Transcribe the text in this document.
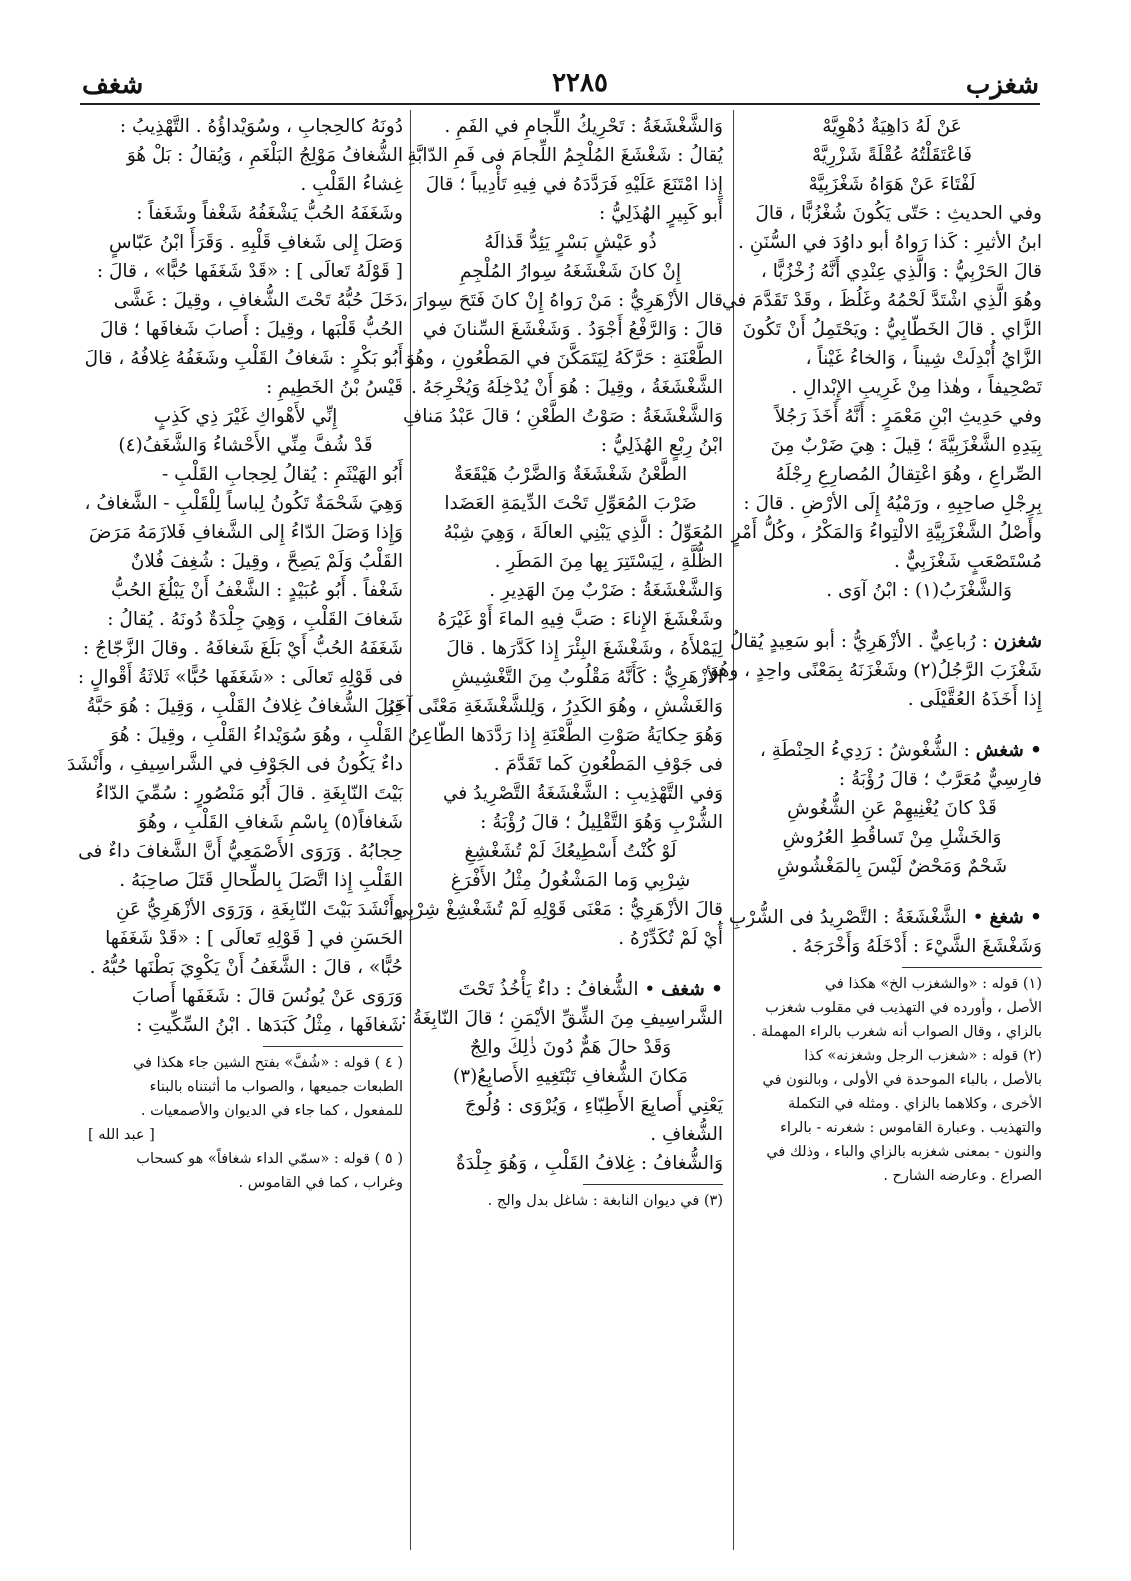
شغزب
٢٢٨٥
شغف
عَنْ لَهُ دَاهِيَةٌ دُهْوِيَّهْ
فَاعْتَقَلْتُهُ عُقْلَةً شَزْرِيَّهْ
لَفْتَاءَ عَنْ هَوَاهُ شَغْزَبِيَّهْ
وفي الحديثِ : حَتّى يَكُونَ شُغْزُبًّا ، قالَ
ابنُ الأثيرِ : كَذا رَواهُ أبو داوُدَ في السُّنَنِ .
قالَ الحَرْبِيُّ : وَالَّذِي عِنْدِي أَنَّهُ زُخْزُبًّا ،
وهُوَ الَّذِي اشْتَدَّ لَحْمُهُ وغَلُظَ ، وقَدْ تَقَدَّمَ في
الزَّاي . قالَ الخَطّابِيُّ : ويَحْتَمِلُ أَنْ تَكُونَ
الزَّايُ أُبْدِلَتْ شِيناً ، وَالخاءُ غَيْناً ،
تَصْحِيفاً ، وهٰذا مِنْ غَرِيبِ الإِبْدالِ .
وفي حَدِيثِ ابْنِ مَعْمَرٍ : أَنَّهُ أَخَذَ رَجُلاً
بِيَدِهِ الشَّغْزَبِيَّةَ ؛ قِيلَ : هِيَ ضَرْبٌ مِنَ
الصِّراعِ ، وهُوَ اعْتِقالُ المُصارِعِ رِجْلَهُ
بِرِجْلِ صاحِبِهِ ، ورَمْيُهُ إِلَى الأرْضِ . قالَ :
وأَصْلُ الشَّغْزَبِيَّةِ الالْتِواءُ وَالمَكْرُ ، وكُلُّ أَمْرٍ
مُسْتَصْعَبٍ شَغْزَبِيٌّ .
وَالشَّغْزَبُ(١) : ابْنُ آوَى .
شغزن : رُباعِيٌّ . الأزْهَرِيُّ : أبو سَعِيدٍ يُقالُ
شَغْزَبَ الرَّجُلُ(٢) وشَغْزَنَهُ بِمَعْنًى واحِدٍ ، وهُوَ
إِذا أَخَذَهُ العُقَّيْلَى .
• شغش : الشُّغْوشُ : رَدِيءُ الحِنْطَةِ ،
فارِسِيٌّ مُعَرَّبٌ ؛ قالَ رُؤْبَةُ :
قَدْ كانَ يُغْنِيهِمْ عَنِ الشُّغُوشِ
وَالخَشْلِ مِنْ تَساقُطِ العُرُوشِ
شَحْمٌ وَمَحْضٌ لَيْسَ بِالمَغْشُوشِ
• شغغ • الشَّغْشَغَةُ : التَّصْرِيدُ فى الشُّرْبِ .
وَشَغْشَغَ الشَّيْءَ : أَدْخَلَهُ وَأَخْرَجَهُ .
(١) قوله : «والشغزب الخ» هكذا في
الأصل ، وأورده في التهذيب في مقلوب شغزب
بالزاي ، وقال الصواب أنه شغرب بالراء المهملة .
(٢) قوله : «شغزب الرجل وشغزنه» كذا
بالأصل ، بالباء الموحدة في الأولى ، وبالنون في
الأخرى ، وكلاهما بالزاي . ومثله في التكملة
والتهذيب . وعبارة القاموس : شغرنه - بالراء
والنون - بمعنى شغزبه بالزاي والباء ، وذلك في
الصراع . وعارضه الشارح .
وَالشَّغْشَغَةُ : تَحْرِيكُ اللِّجامِ في الفَمِ .
يُقالُ : شَغْشَغَ المُلْجِمُ اللِّجامَ فى فَمِ الدّابَّةِ
إِذا امْتَنَعَ عَلَيْهِ فَرَدَّدَهُ في فِيهِ تَأْدِيباً ؛ قالَ
أَبو كَبِيرٍ الهُذَلِيُّ :
ذُو عَيْشٍ بَسْرٍ يَئِدُّ قَذالَهُ
إِنْ كانَ شَغْشَغَهُ سِوارُ المُلْجِمِ
قال الأزْهَرِيُّ : مَنْ رَواهُ إِنْ كانَ فَتَحَ سِوارَ ،
قالَ : وَالرَّفْعُ أَجْوَدُ . وَشَغْشَغَ السِّنانَ في
الطَّعْنَةِ : حَرَّكَهُ لِيَتَمَكَّنَ في المَطْعُونِ ، وهُوَ
الشَّغْشَغَةُ ، وقِيلَ : هُوَ أَنْ يُدْخِلَهُ وَيُخْرِجَهُ .
وَالشَّغْشَغَةُ : صَوْتُ الطَّعْنِ ؛ قالَ عَبْدُ مَنافِ
ابْنُ رِبْعٍ الهُذَلِيُّ :
الطَّعْنُ شَغْشَغَةٌ وَالضَّرْبُ هَيْقَعَةٌ
ضَرْبَ المُعَوِّلِ تَحْتَ الدِّيمَةِ العَضَدا
المُعَوِّلُ : الَّذِي يَبْنِي العالَةَ ، وَهِيَ شِبْهُ
الظُّلَّةِ ، لِيَسْتَتِرَ بِها مِنَ المَطَرِ .
وَالشَّغْشَغَةُ : ضَرْبٌ مِنَ الهَدِيرِ .
وشَغْشَغَ الإِناءَ : صَبَّ فِيهِ الماءَ أَوْ غَيْرَهُ
لِيَمْلأَهُ ، وشَغْشَغَ البِئْرَ إِذا كَدَّرَها . قالَ
الأزْهَرِيُّ : كَأَنَّهُ مَقْلُوبٌ مِنَ التَّغْشِيشِ
وَالغَشْشِ ، وهُوَ الكَدِرُ ، وَلِلشَّغْشَغَةِ مَعْنًى آخَرُ
وَهُوَ حِكايَةُ صَوْتِ الطَّعْنَةِ إِذا رَدَّدَها الطّاعِنُ
فى جَوْفِ المَطْعُونِ كَما تَقَدَّمَ .
وَفي التَّهْذِيبِ : الشَّغْشَغَةُ التَّصْرِيدُ في
الشُّرْبِ وَهُوَ التَّقْلِيلُ ؛ قالَ رُؤْبَةُ :
لَوْ كُنْتُ أَسْطِيعُكَ لَمْ تُشَغْشِغِ
شِرْبِي وَما المَشْغُولُ مِثْلُ الأَفْرَغِ
قالَ الأزْهَرِيُّ : مَعْنَى قَوْلِهِ لَمْ تُشَغْشِغْ شِرْبِي
أَيْ لَمْ تُكَدِّرْهُ .
• شغف • الشُّغافُ : داءٌ يَأْخُذُ تَحْتَ
الشَّراسِيفِ مِنَ الشِّقِّ الأيْمَنِ ؛ قالَ النّابِغَةُ :
وَقَدْ حالَ هَمٌّ دُونَ ذٰلِكَ والِجٌ
مَكانَ الشُّغافِ تَبْتَغِيهِ الأَصابِعُ(٣)
يَعْنِي أَصابِعَ الأَطِبّاءِ ، وَيُرْوَى : وُلُوجَ
الشُّغافِ .
وَالشُّغافُ : غِلافُ القَلْبِ ، وَهُوَ جِلْدَةٌ
(٣) في ديوان النابغة : شاغل بدل والج .
دُونَهُ كالحِجابِ ، وسُوَيْداؤُهُ . التَّهْذِيبُ :
الشُّغافُ مَوْلِجُ البَلْغَمِ ، وَيُقالُ : بَلْ هُوَ
غِشاءُ القَلْبِ .
وشَغَفَهُ الحُبُّ يَشْغَفُهُ شَغْفاً وشَغَفاً :
وَصَلَ إِلى شَغافِ قَلْبِهِ . وَقَرَأَ ابْنُ عَبّاسٍ
[ قَوْلَهُ تَعالَى ] : «قَدْ شَغَفَها حُبًّا» ، قالَ :
دَخَلَ حُبُّهُ تَحْتَ الشُّغافِ ، وقِيلَ : غَشَّى
الحُبُّ قَلْبَها ، وقِيلَ : أَصابَ شَغافَها ؛ قالَ
أَبُو بَكْرٍ : شَغافُ القَلْبِ وشَغَفُهُ غِلافُهُ ، قالَ
قَيْسُ بْنُ الخَطِيمِ :
إِنِّي لأَهْواكِ غَيْرَ ذِي كَذِبٍ
قَدْ شُفَّ مِنِّي الأَحْشاءُ وَالشَّغَفُ(٤)
أَبُو الهَيْثَمِ : يُقالُ لِحِجابِ القَلْبِ -
وَهِيَ شَحْمَةٌ تَكُونُ لِباساً لِلْقَلْبِ - الشَّغافُ ،
وَإِذا وَصَلَ الدّاءُ إِلى الشَّغافِ فَلازَمَهُ مَرَضَ
القَلْبُ وَلَمْ يَصِحَّ ، وقِيلَ : شُغِفَ فُلانٌ
شَغْفاً . أَبُو عُبَيْدٍ : الشَّغْفُ أَنْ يَبْلُغَ الحُبُّ
شَغافَ القَلْبِ ، وَهِيَ جِلْدَةٌ دُونَهُ . يُقالُ :
شَغَفَهُ الحُبُّ أَيْ بَلَغَ شَغافَهُ . وقالَ الزَّجّاجُ :
فى قَوْلِهِ تَعالَى : «شَغَفَها حُبًّا» ثَلاثَةُ أَقْوالٍ :
قِيلَ الشُّغافُ غِلافُ القَلْبِ ، وَقِيلَ : هُوَ حَبَّةُ
القَلْبِ ، وهُوَ سُوَيْداءُ القَلْبِ ، وقِيلَ : هُوَ
داءٌ يَكُونُ فى الجَوْفِ في الشَّراسِيفِ ، وأَنْشَدَ
بَيْتَ النّابِغَةِ . قالَ أَبُو مَنْصُورٍ : سُمِّيَ الدّاءُ
شَغافاً(٥) بِاسْمِ شَغافِ القَلْبِ ، وهُوَ
حِجابُهُ . وَرَوَى الأَصْمَعِيُّ أَنَّ الشَّغافَ داءٌ فى
القَلْبِ إِذا اتَّصَلَ بِالطِّحالِ قَتَلَ صاحِبَهُ .
وأَنْشَدَ بَيْتَ النّابِغَةِ ، وَرَوَى الأزْهَرِيُّ عَنِ
الحَسَنِ في [ قَوْلِهِ تَعالَى ] : «قَدْ شَغَفَها
حُبًّا» ، قالَ : الشَّغَفُ أَنْ يَكْوِيَ بَطْنَها حُبُّهُ .
وَرَوَى عَنْ يُونُسَ قالَ : شَغَفَها أَصابَ
شَغافَها ، مِثْلُ كَبَدَها . ابْنُ السِّكِّيتِ :
( ٤ ) قوله : «شُفَّ» بفتح الشين جاء هكذا في
الطبعات جميعها ، والصواب ما أثبتناه بالبناء
للمفعول ، كما جاء في الديوان والأصمعيات .
[ عبد الله ]
( ٥ ) قوله : «سمّي الداء شغافاً» هو كسحاب
وغراب ، كما في القاموس .
